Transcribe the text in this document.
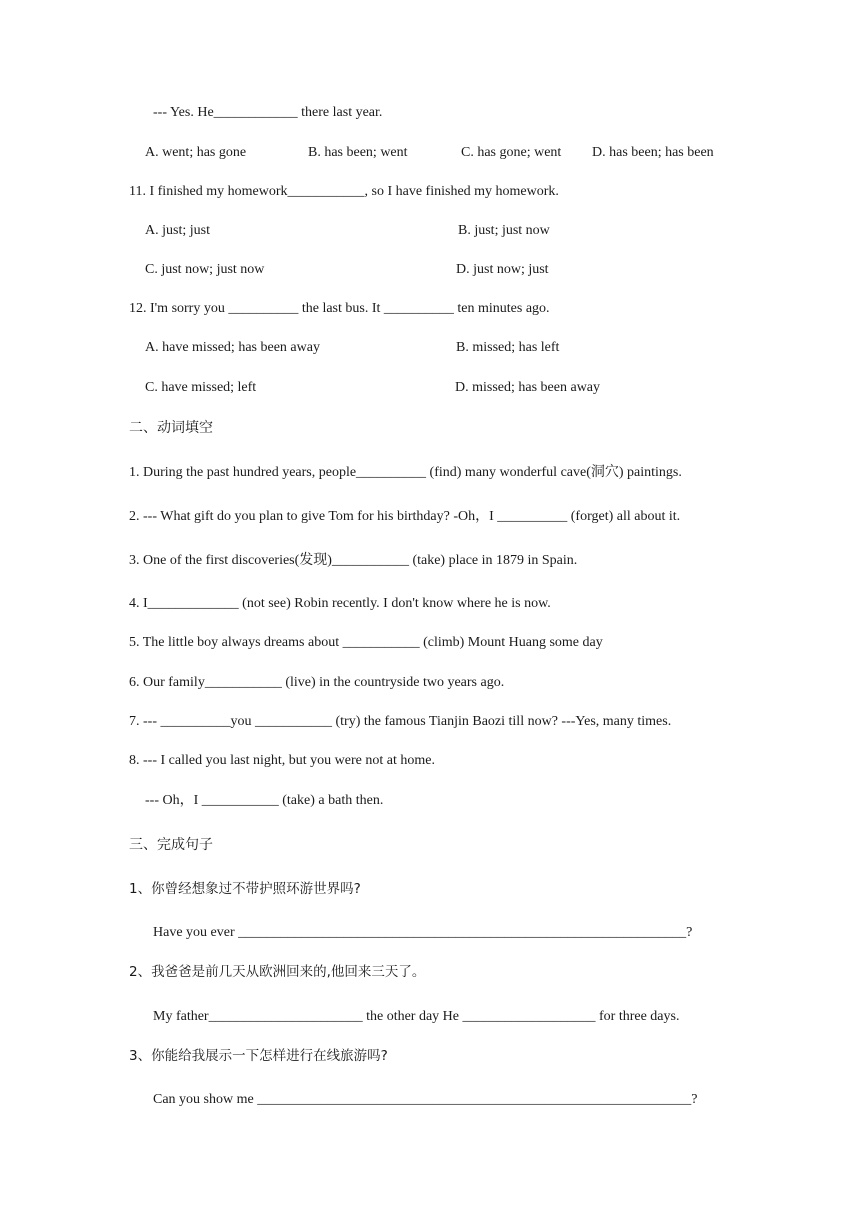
--- Yes. He____________ there last year.
A. went; has gone	B. has been; went	C. has gone; went D. has been; has been
11. I finished my homework___________, so I have finished my homework.
A. just; just	B. just; just now
C. just now; just now	D. just now; just
12. I'm sorry you __________ the last bus. It __________ ten minutes ago.
A. have missed; has been away	B. missed; has left
C. have missed; left	D. missed; has been away
二、动词填空
1. During the past hundred years, people__________ (find) many wonderful cave(洞穴) paintings.
2. --- What gift do you plan to give Tom for his birthday? -Oh，I __________ (forget) all about it.
3. One of the first discoveries(发现)___________ (take) place in 1879 in Spain.
4. I_____________ (not see) Robin recently. I don't know where he is now.
5. The little boy always dreams about ___________ (climb) Mount Huang some day
6. Our family___________ (live) in the countryside two years ago.
7. --- __________you ___________ (try) the famous Tianjin Baozi till now? ---Yes, many times.
8. --- I called you last night, but you were not at home.
--- Oh，I ___________ (take) a bath then.
三、完成句子
1、你曾经想象过不带护照环游世界吗?
Have you ever ________________________________________________________________?
2、我爸爸是前几天从欧洲回来的,他回来三天了。
My father______________________ the other day He ___________________ for three days.
3、你能给我展示一下怎样进行在线旅游吗?
Can you show me ______________________________________________________________?
